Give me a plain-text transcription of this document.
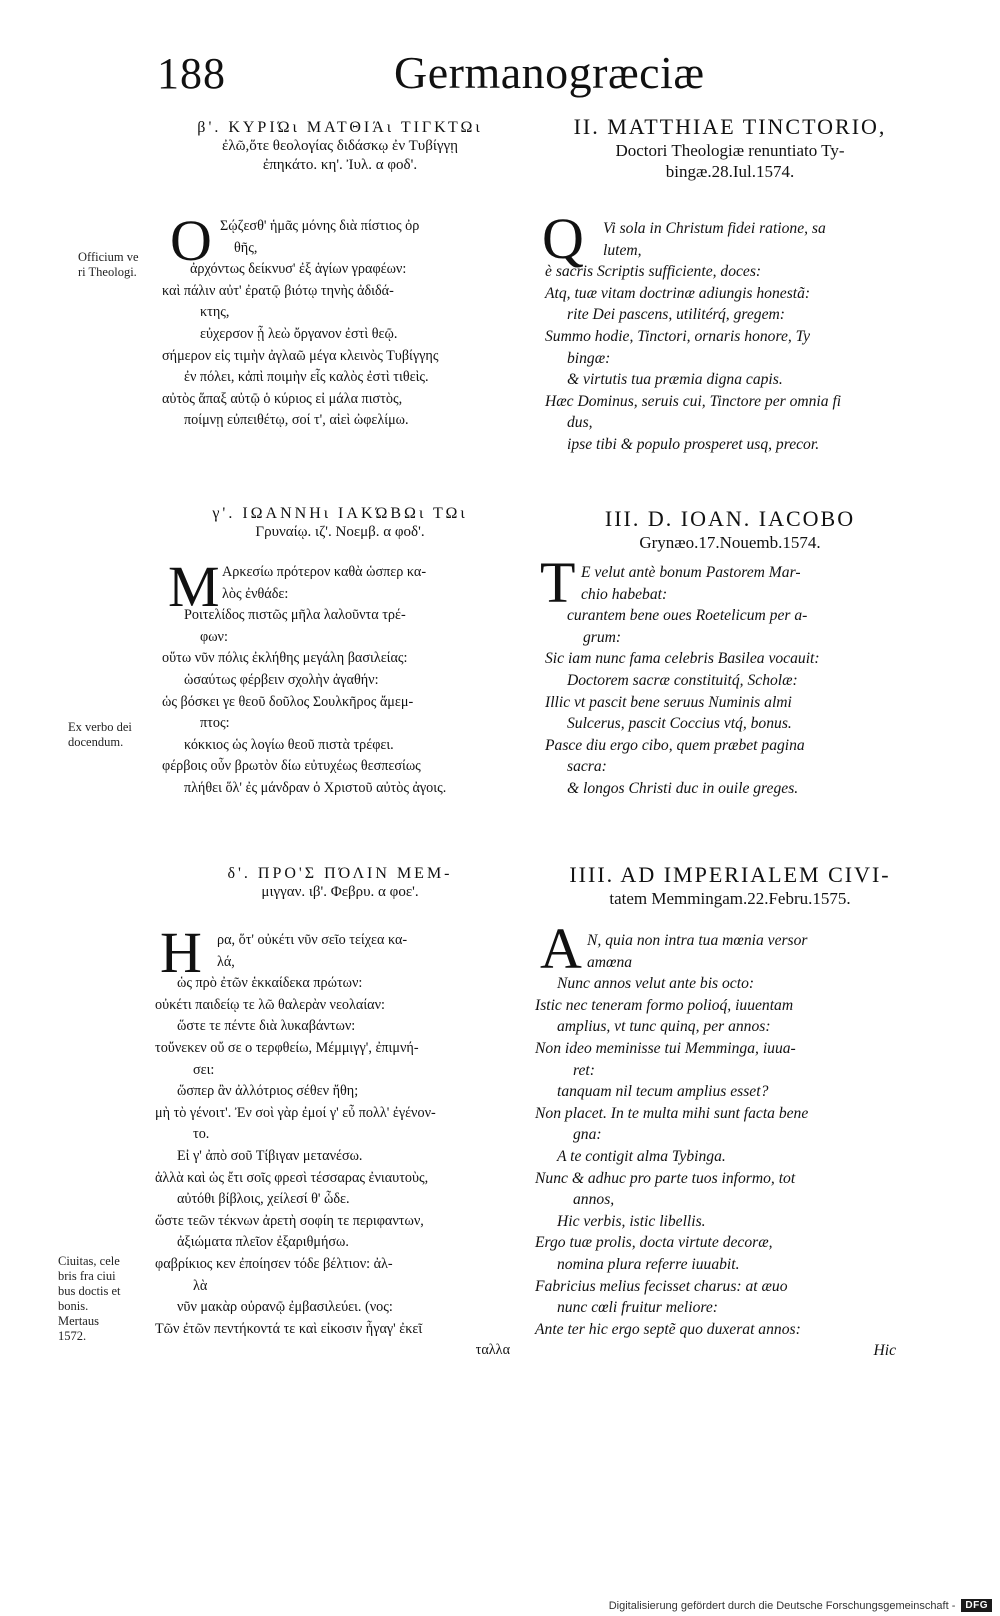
188	Germanogræciæ
β'. ΚΥΡΙΏι ΜΑΤΘΙΆι ΤΙΓΚΤΩι
ἐλῶ,ὅτε θεολογίας διδάσκῳ ἐν Τυβίγγῃ
ἐπηκάτο. κη'. Ἰυλ. α φοδ'.
II. MATTHIAE TINCTORIO,
Doctori Theologiæ renuntiato Ty-
bingæ.28.Iul.1574.
O Σῴζεσθ' ἡμᾶς μόνης διὰ πίστιος ὀρ
θῆς,
ἀρχόντως δείκνυσ' ἐξ ἁγίων γραφέων:
καὶ πάλιν αὐτ' ἐρατῷ βιότῳ τηνὴς ἀδιδά-
κτης,
εὐχερσον ᾗ λεὼ ὄργανον ἐστὶ θεῷ.
σήμερον εἰς τιμὴν ἀγλαῶ μέγα κλεινὸς Τυβίγγης
ἐν πόλει, κἀπὶ ποιμὴν εἷς καλὸς ἐστὶ τιθεὶς.
αὐτὸς ἅπαξ αὐτῷ ὁ κύριος εἰ μάλα πιστὸς,
ποίμνῃ εὐπειθέτῳ, σοί τ', αἰεὶ ὠφελίμω.
Q	Vi sola in Christum fidei ratione, sa
lutem,
è sacris Scriptis sufficiente, doces:
Atq, tuæ vitam doctrinæ adiungis honestã:
rite Dei pascens, utilitérq́, gregem:
Summo hodie, Tinctori, ornaris honore, Ty
bingæ:
& virtutis tua præmia digna capis.
Hæc Dominus, seruis cui, Tinctore per omnia fi
dus,
ipse tibi & populo prosperet usq, precor.
Officium ve
ri Theologi.
γ'. ΙΩΑΝΝΗι ΙΑΚΏΒΩι ΤΩι
Γρυναίῳ. ιζ'. Νοεμβ. α φοδ'.
III. D. IOAN. IACOBO
Grynæo.17.Nouemb.1574.
M Αρκεσίω πρότερον καθὰ ὡσπερ κα-
λὸς ἐνθάδε:
Ροιτελίδος πιστῶς μῆλα λαλοῦντα τρέ-
φων:
οὕτω νῦν πόλις ἐκλήθης μεγάλη βασιλείας:
ὡσαύτως φέρβειν σχολὴν ἀγαθήν:
ὡς βόσκει γε θεοῦ δοῦλος Σουλκῆρος ἄμεμ-
πτος:
κόκκιος ὡς λογίω θεοῦ πιστὰ τρέφει.
φέρβοις οὖν βρωτὸν δίω εὐτυχέως θεσπεσίως
πλήθει ὅλ' ἐς μάνδραν ὁ Χριστοῦ αὐτὸς ἀγοις.
T E velut antè bonum Pastorem Mar-
chio habebat:
curantem bene oues Roetelicum per a-
grum:
Sic iam nunc fama celebris Basilea vocauit:
Doctorem sacræ constituitq́, Scholæ:
Illic vt pascit bene seruus Numinis almi
Sulcerus, pascit Coccius vtq́, bonus.
Pasce diu ergo cibo, quem præbet pagina
sacra:
& longos Christi duc in ouile greges.
Ex verbo dei
docendum.
δ'. ΠΡΟ'Σ ΠΌΛΙΝ ΜΕΜ-
μιγγαν. ιβ'. Φεβρυ. α φοε'.
IIII. AD IMPERIALEM CIVI-
tatem Memmingam.22.Febru.1575.
H	ρα, ὅτ' οὐκέτι νῦν σεῖο τείχεα κα-
λά,
ὡς πρὸ ἐτῶν ἑκκαίδεκα πρώτων:
οὐκέτι παιδείῳ τε λῶ θαλερὰν νεολαίαν:
ὥστε τε πέντε διὰ λυκαβάντων:
τοὔνεκεν οὔ σε ο τερφθείω, Μέμμιγγ', ἐπιμνή-
σει:
ὥσπερ ἂν ἀλλότριος σέθεν ἤθη;
μὴ τὸ γένοιτ'. Ἐν σοὶ γὰρ ἐμοί γ' εὖ πολλ' ἐγένον-
το.
Εἰ γ' ἀπὸ σοῦ Τίβιγαν μετανέσω.
ἀλλὰ καὶ ὡς ἔτι σοῖς φρεσὶ τέσσαρας ἐνιαυτοὺς,
αὐτόθι βίβλοις, χείλεσί θ' ὧδε.
ὥστε τεῶν τέκνων ἀρετὴ σοφίη τε περιφαντων,
ἀξιώματα πλεῖον ἐξαριθμήσω.
φαβρίκιος κεν ἐποίησεν τόδε βέλτιον: ἀλ-
λὰ
νῦν μακὰρ οὐρανῷ ἐμβασιλεύει. (νος:
Τῶν ἐτῶν πεντήκοντά τε καὶ εἰκοσιν ἦγαγ' ἐκεῖ
ταλλα
A N, quia non intra tua mœnia versor
amœna
Nunc annos velut ante bis octo:
Istic nec teneram formo polioq́, iuuentam
amplius, vt tunc quinq, per annos:
Non ideo meminisse tui Memminga, iuua-
ret:
tanquam nil tecum amplius esset?
Non placet. In te multa mihi sunt facta bene
gna:
A te contigit alma Tybinga.
Nunc & adhuc pro parte tuos informo, tot
annos,
Hic verbis, istic libellis.
Ergo tuæ prolis, docta virtute decoræ,
nomina plura referre iuuabit.
Fabricius melius fecisset charus: at æuo
nunc cœli fruitur meliore:
Ante ter hic ergo septẽ quo duxerat annos:
Hic
Ciuitas, cele
bris fra ciui
bus doctis et
bonis.
Mertaus
1572.
Digitalisierung gefördert durch die Deutsche Forschungsgemeinschaft -	DFG
